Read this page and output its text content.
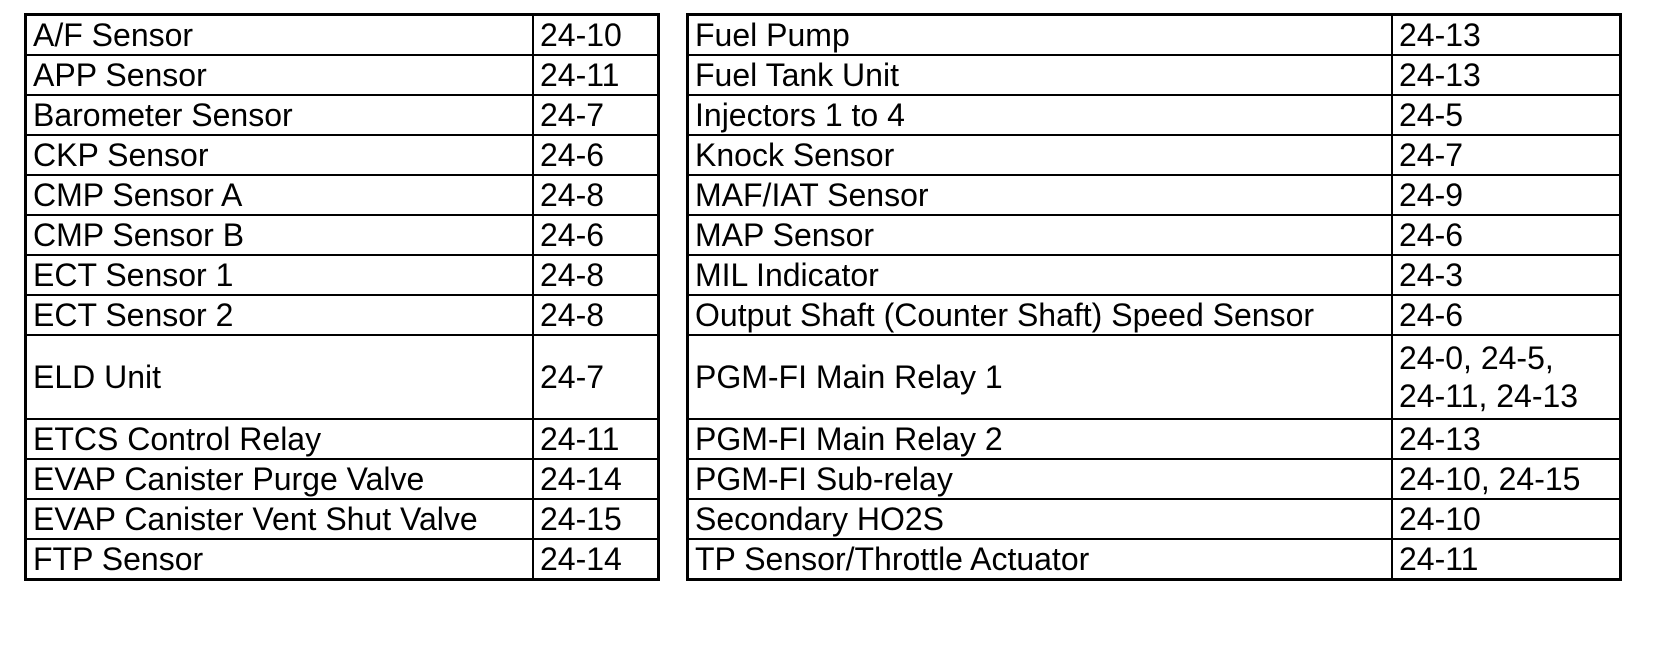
A/F Sensor	24-10
APP Sensor	24-11
Barometer Sensor	24-7
CKP Sensor	24-6
CMP Sensor A	24-8
CMP Sensor B	24-6
ECT Sensor 1	24-8
ECT Sensor 2	24-8
ELD Unit	24-7
ETCS Control Relay	24-11
EVAP Canister Purge Valve	24-14
EVAP Canister Vent Shut Valve	24-15
FTP Sensor	24-14
Fuel Pump	24-13
Fuel Tank Unit	24-13
Injectors 1 to 4	24-5
Knock Sensor	24-7
MAF/IAT Sensor	24-9
MAP Sensor	24-6
MIL Indicator	24-3
Output Shaft (Counter Shaft) Speed Sensor	24-6
PGM-FI Main Relay 1	24-0, 24-5,
24-11, 24-13

PGM-FI Main Relay 2	24-13
PGM-FI Sub-relay	24-10, 24-15
Secondary HO2S	24-10
TP Sensor/Throttle Actuator	24-11
